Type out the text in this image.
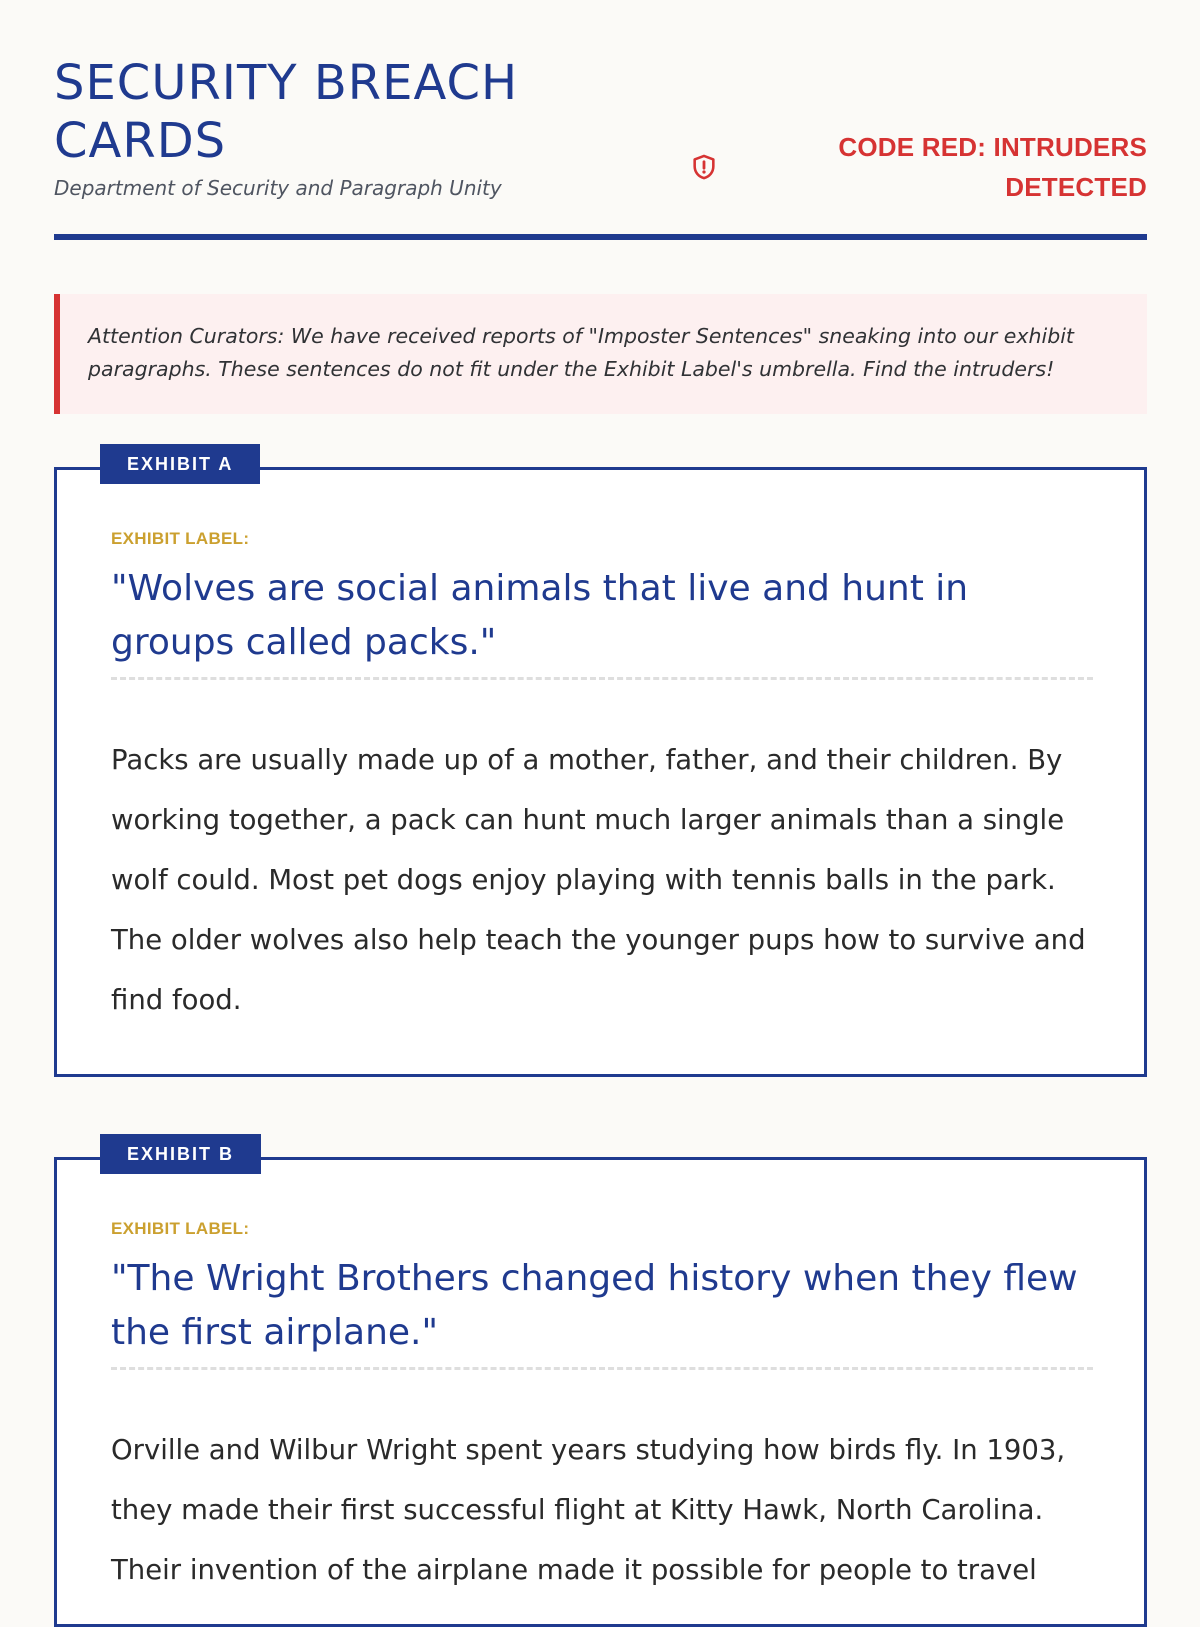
SECURITY BREACH CARDS
Department of Security and Paragraph Unity
CODE RED: INTRUDERS DETECTED
Attention Curators: We have received reports of "Imposter Sentences" sneaking into our exhibit paragraphs. These sentences do not fit under the Exhibit Label's umbrella. Find the intruders!
EXHIBIT A
EXHIBIT LABEL:
"Wolves are social animals that live and hunt in groups called packs."

Packs are usually made up of a mother, father, and their children. By working together, a pack can hunt much larger animals than a single wolf could. Most pet dogs enjoy playing with tennis balls in the park. The older wolves also help teach the younger pups how to survive and find food.

EXHIBIT B
EXHIBIT LABEL:
"The Wright Brothers changed history when they flew the first airplane."

Orville and Wilbur Wright spent years studying how birds fly. In 1903, they made their first successful flight at Kitty Hawk, North Carolina. Their invention of the airplane made it possible for people to travel
